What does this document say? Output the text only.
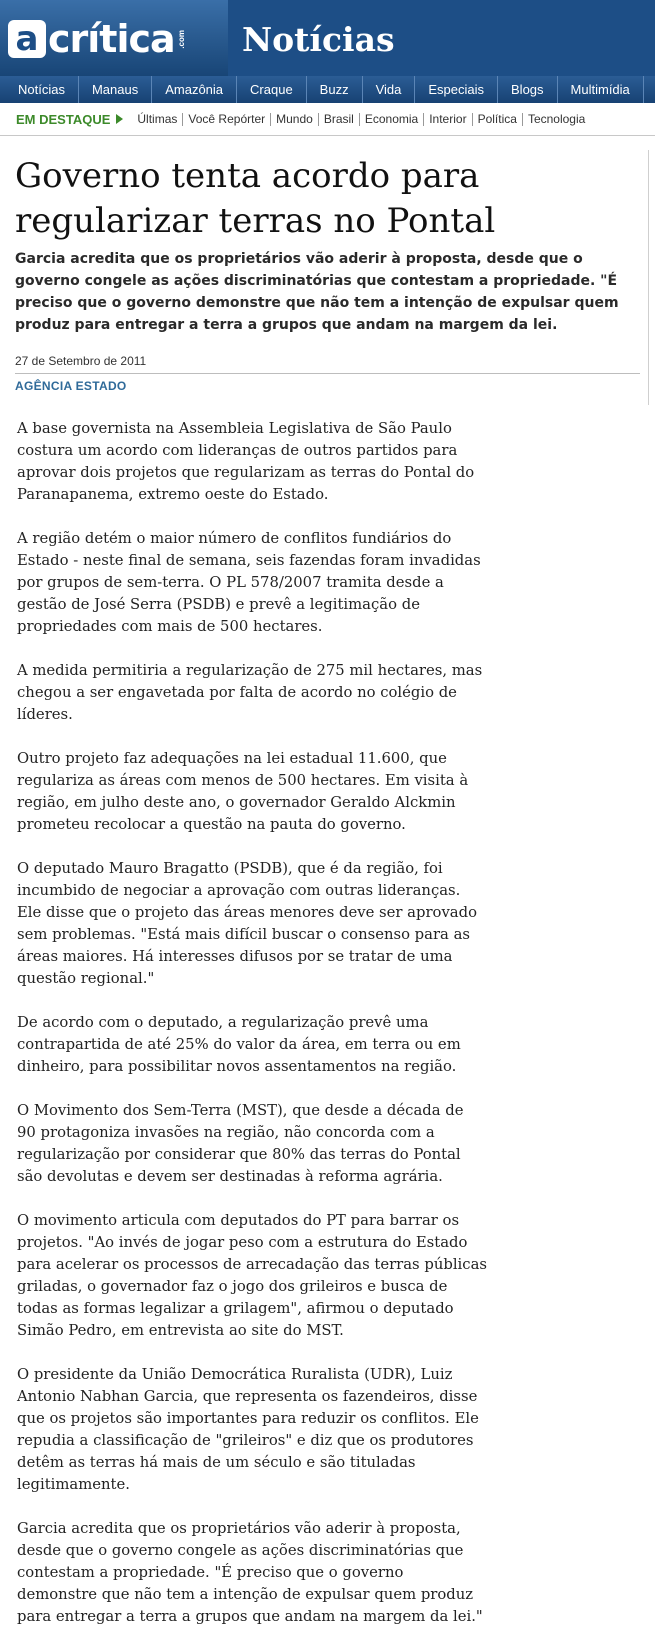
a crítica .com Notícias
Notícias	Manaus	Amazônia	Craque	Buzz	Vida	Especiais	Blogs	Multimídia
EM DESTAQUE	Últimas Você Repórter Mundo Brasil Economia Interior Política Tecnologia
Governo tenta acordo para regularizar terras no Pontal

Garcia acredita que os proprietários vão aderir à proposta, desde que o governo congele as ações discriminatórias que contestam a propriedade. "É preciso que o governo demonstre que não tem a intenção de expulsar quem produz para entregar a terra a grupos que andam na margem da lei.

27 de Setembro de 2011
AGÊNCIA ESTADO

A base governista na Assembleia Legislativa de São Paulo costura um acordo com lideranças de outros partidos para aprovar dois projetos que regularizam as terras do Pontal do Paranapanema, extremo oeste do Estado.

A região detém o maior número de conflitos fundiários do Estado - neste final de semana, seis fazendas foram invadidas por grupos de sem-terra. O PL 578/2007 tramita desde a gestão de José Serra (PSDB) e prevê a legitimação de propriedades com mais de 500 hectares.

A medida permitiria a regularização de 275 mil hectares, mas chegou a ser engavetada por falta de acordo no colégio de líderes.

Outro projeto faz adequações na lei estadual 11.600, que regulariza as áreas com menos de 500 hectares. Em visita à região, em julho deste ano, o governador Geraldo Alckmin prometeu recolocar a questão na pauta do governo.

O deputado Mauro Bragatto (PSDB), que é da região, foi incumbido de negociar a aprovação com outras lideranças. Ele disse que o projeto das áreas menores deve ser aprovado sem problemas. "Está mais difícil buscar o consenso para as áreas maiores. Há interesses difusos por se tratar de uma questão regional."

De acordo com o deputado, a regularização prevê uma contrapartida de até 25% do valor da área, em terra ou em dinheiro, para possibilitar novos assentamentos na região.

O Movimento dos Sem-Terra (MST), que desde a década de 90 protagoniza invasões na região, não concorda com a regularização por considerar que 80% das terras do Pontal são devolutas e devem ser destinadas à reforma agrária.

O movimento articula com deputados do PT para barrar os projetos. "Ao invés de jogar peso com a estrutura do Estado para acelerar os processos de arrecadação das terras públicas griladas, o governador faz o jogo dos grileiros e busca de todas as formas legalizar a grilagem", afirmou o deputado Simão Pedro, em entrevista ao site do MST.

O presidente da União Democrática Ruralista (UDR), Luiz Antonio Nabhan Garcia, que representa os fazendeiros, disse que os projetos são importantes para reduzir os conflitos. Ele repudia a classificação de "grileiros" e diz que os produtores detêm as terras há mais de um século e são tituladas legitimamente.

Garcia acredita que os proprietários vão aderir à proposta, desde que o governo congele as ações discriminatórias que contestam a propriedade. "É preciso que o governo demonstre que não tem a intenção de expulsar quem produz para entregar a terra a grupos que andam na margem da lei."
